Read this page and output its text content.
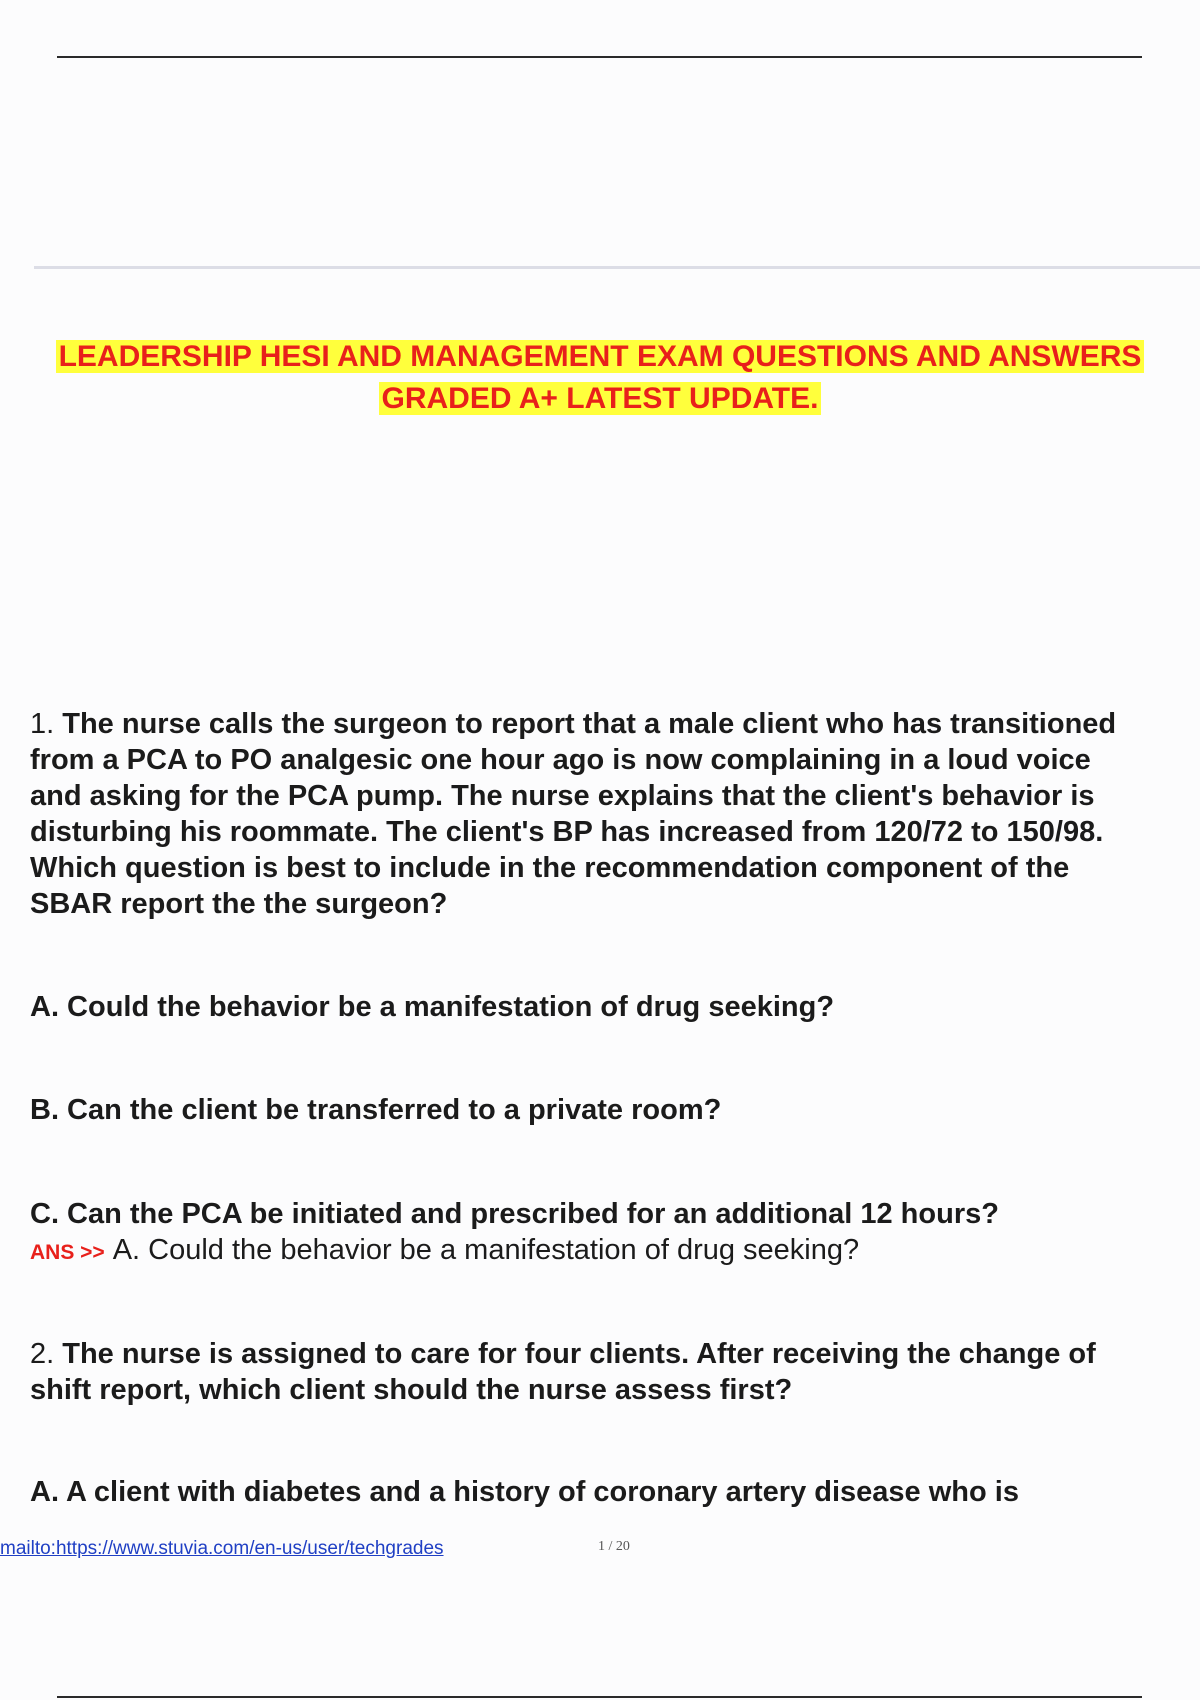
LEADERSHIP HESI AND MANAGEMENT EXAM QUESTIONS AND ANSWERS
GRADED A+ LATEST UPDATE.

1. The nurse calls the surgeon to report that a male client who has transitioned

from a PCA to PO analgesic one hour ago is now complaining in a loud voice

and asking for the PCA pump. The nurse explains that the client's behavior is

disturbing his roommate. The client's BP has increased from 120/72 to 150/98.

Which question is best to include in the recommendation component of the

SBAR report the the surgeon?

A. Could the behavior be a manifestation of drug seeking?

B. Can the client be transferred to a private room?

C. Can the PCA be initiated and prescribed for an additional 12 hours?

ANS >> A. Could the behavior be a manifestation of drug seeking?

2. The nurse is assigned to care for four clients. After receiving the change of

shift report, which client should the nurse assess first?

A. A client with diabetes and a history of coronary artery disease who is

mailto:https://www.stuvia.com/en-us/user/techgrades	1 / 20
